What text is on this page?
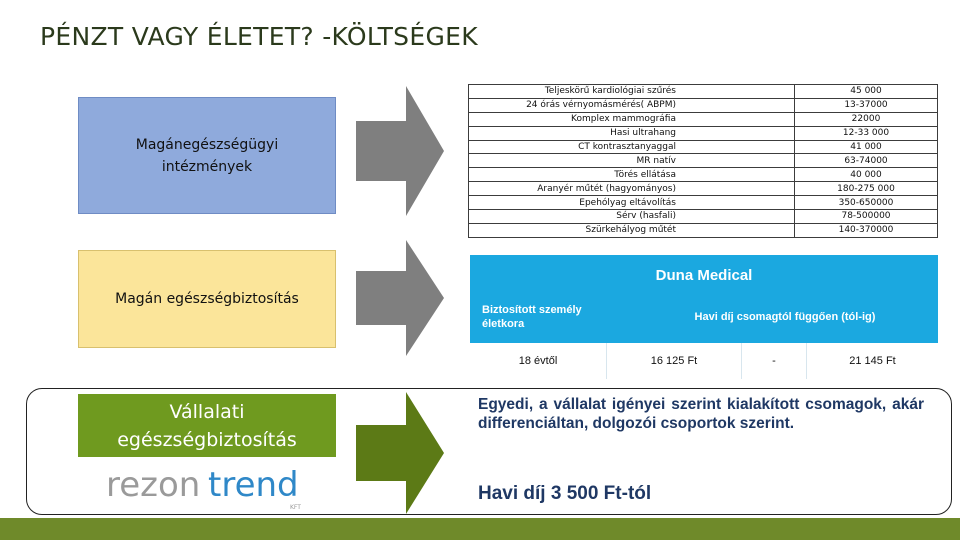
PÉNZT VAGY ÉLETET? -KÖLTSÉGEK
Magánegészségügyi
intézmények
Magán egészségbiztosítás
Vállalati
egészségbiztosítás
Teljeskörű kardiológiai szűrés	45 000
24 órás vérnyomásmérés( ABPM)	13-37000
Komplex mammográfia	22000
Hasi ultrahang	12-33 000
CT kontrasztanyaggal	41 000
MR natív	63-74000
Törés ellátása	40 000
Aranyér műtét (hagyományos)	180-275 000
Epehólyag eltávolítás	350-650000
Sérv (hasfali)	78-500000
Szürkehályog műtét	140-370000
Duna Medical
Biztosított személy
életkora
Havi díj csomagtól függően (tól-ig)
18 évtől	16 125 Ft	-	21 145 Ft
Egyedi, a vállalat igényei szerint kialakított csomagok, akár differenciáltan, dolgozói csoportok szerint.
Havi díj 3 500 Ft-tól
rezon trend
KFT
